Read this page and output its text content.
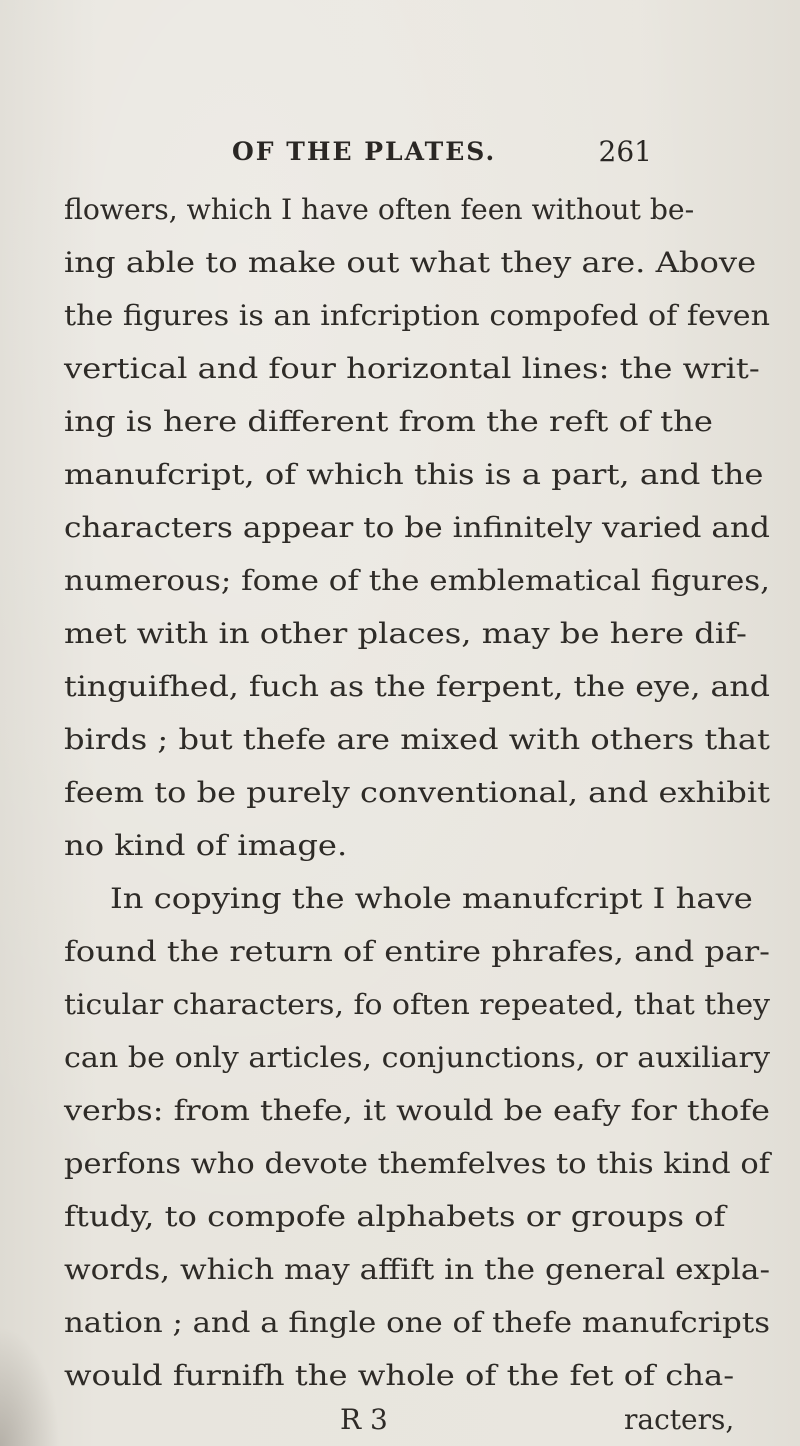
OF THE PLATES.	261
flowers, which I have often feen without be-
ing able to make out what they are. Above
the figures is an infcription compofed of feven
vertical and four horizontal lines: the writ-
ing is here different from the reft of the
manufcript, of which this is a part, and the
characters appear to be infinitely varied and
numerous; fome of the emblematical figures,
met with in other places, may be here dif-
tinguifhed, fuch as the ferpent, the eye, and
birds ; but thefe are mixed with others that
feem to be purely conventional, and exhibit
no kind of image.
In copying the whole manufcript I have
found the return of entire phrafes, and par-
ticular characters, fo often repeated, that they
can be only articles, conjunctions, or auxiliary
verbs: from thefe, it would be eafy for thofe
perfons who devote themfelves to this kind of
ftudy, to compofe alphabets or groups of
words, which may affift in the general expla-
nation ; and a fingle one of thefe manufcripts
would furnifh the whole of the fet of cha-
R 3	racters,
